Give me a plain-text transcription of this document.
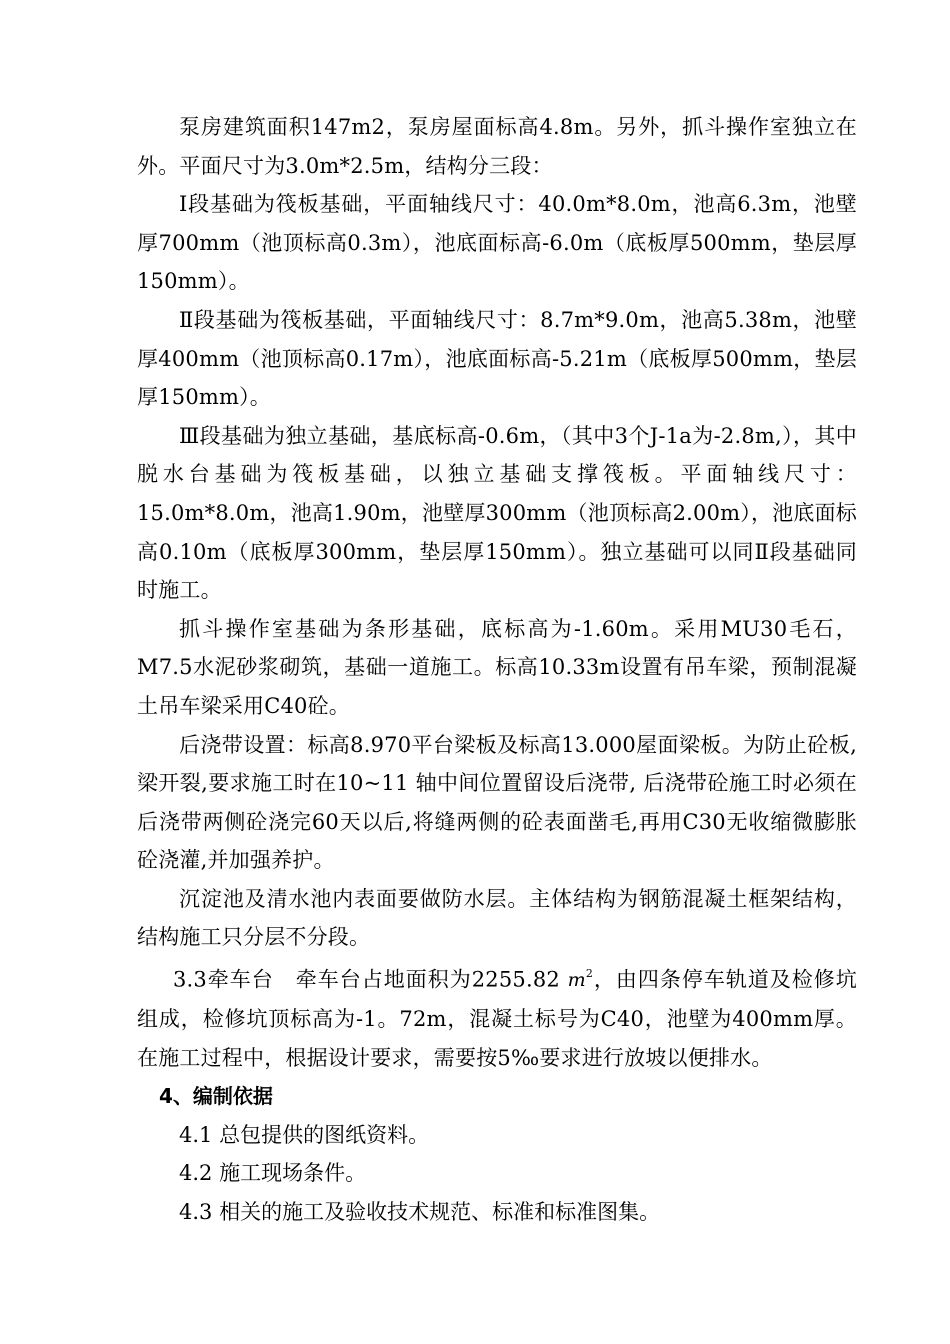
泵房建筑面积147m2，泵房屋面标高4.8m。另外，抓斗操作室独立在外。平面尺寸为3.0m*2.5m，结构分三段：

Ⅰ段基础为筏板基础，平面轴线尺寸：40.0m*8.0m，池高6.3m，池壁厚700mm（池顶标高0.3m），池底面标高-6.0m（底板厚500mm，垫层厚150mm）。

Ⅱ段基础为筏板基础，平面轴线尺寸：8.7m*9.0m，池高5.38m，池壁厚400mm（池顶标高0.17m），池底面标高-5.21m（底板厚500mm，垫层厚150mm）。

Ⅲ段基础为独立基础，基底标高-0.6m，（其中3个J-1a为-2.8m,），其中脱水台基础为筏板基础，以独立基础支撑筏板。平面轴线尺寸：15.0m*8.0m，池高1.90m，池壁厚300mm（池顶标高2.00m），池底面标高0.10m（底板厚300mm，垫层厚150mm）。独立基础可以同Ⅱ段基础同时施工。

抓斗操作室基础为条形基础，底标高为-1.60m。采用MU30毛石，M7.5水泥砂浆砌筑，基础一道施工。标高10.33m设置有吊车梁，预制混凝土吊车梁采用C40砼。

后浇带设置：标高8.970平台梁板及标高13.000屋面梁板。为防止砼板,梁开裂,要求施工时在10~11 轴中间位置留设后浇带, 后浇带砼施工时必须在后浇带两侧砼浇完60天以后,将缝两侧的砼表面凿毛,再用C30无收缩微膨胀砼浇灌,并加强养护。

沉淀池及清水池内表面要做防水层。主体结构为钢筋混凝土框架结构，结构施工只分层不分段。

3.3牵车台　牵车台占地面积为2255.82 $m^2$，由四条停车轨道及检修坑组成，检修坑顶标高为-1。72m，混凝土标号为C40，池壁为400mm厚。在施工过程中，根据设计要求，需要按5‰要求进行放坡以便排水。

4、编制依据

4.1 总包提供的图纸资料。

4.2 施工现场条件。

4.3 相关的施工及验收技术规范、标准和标准图集。
